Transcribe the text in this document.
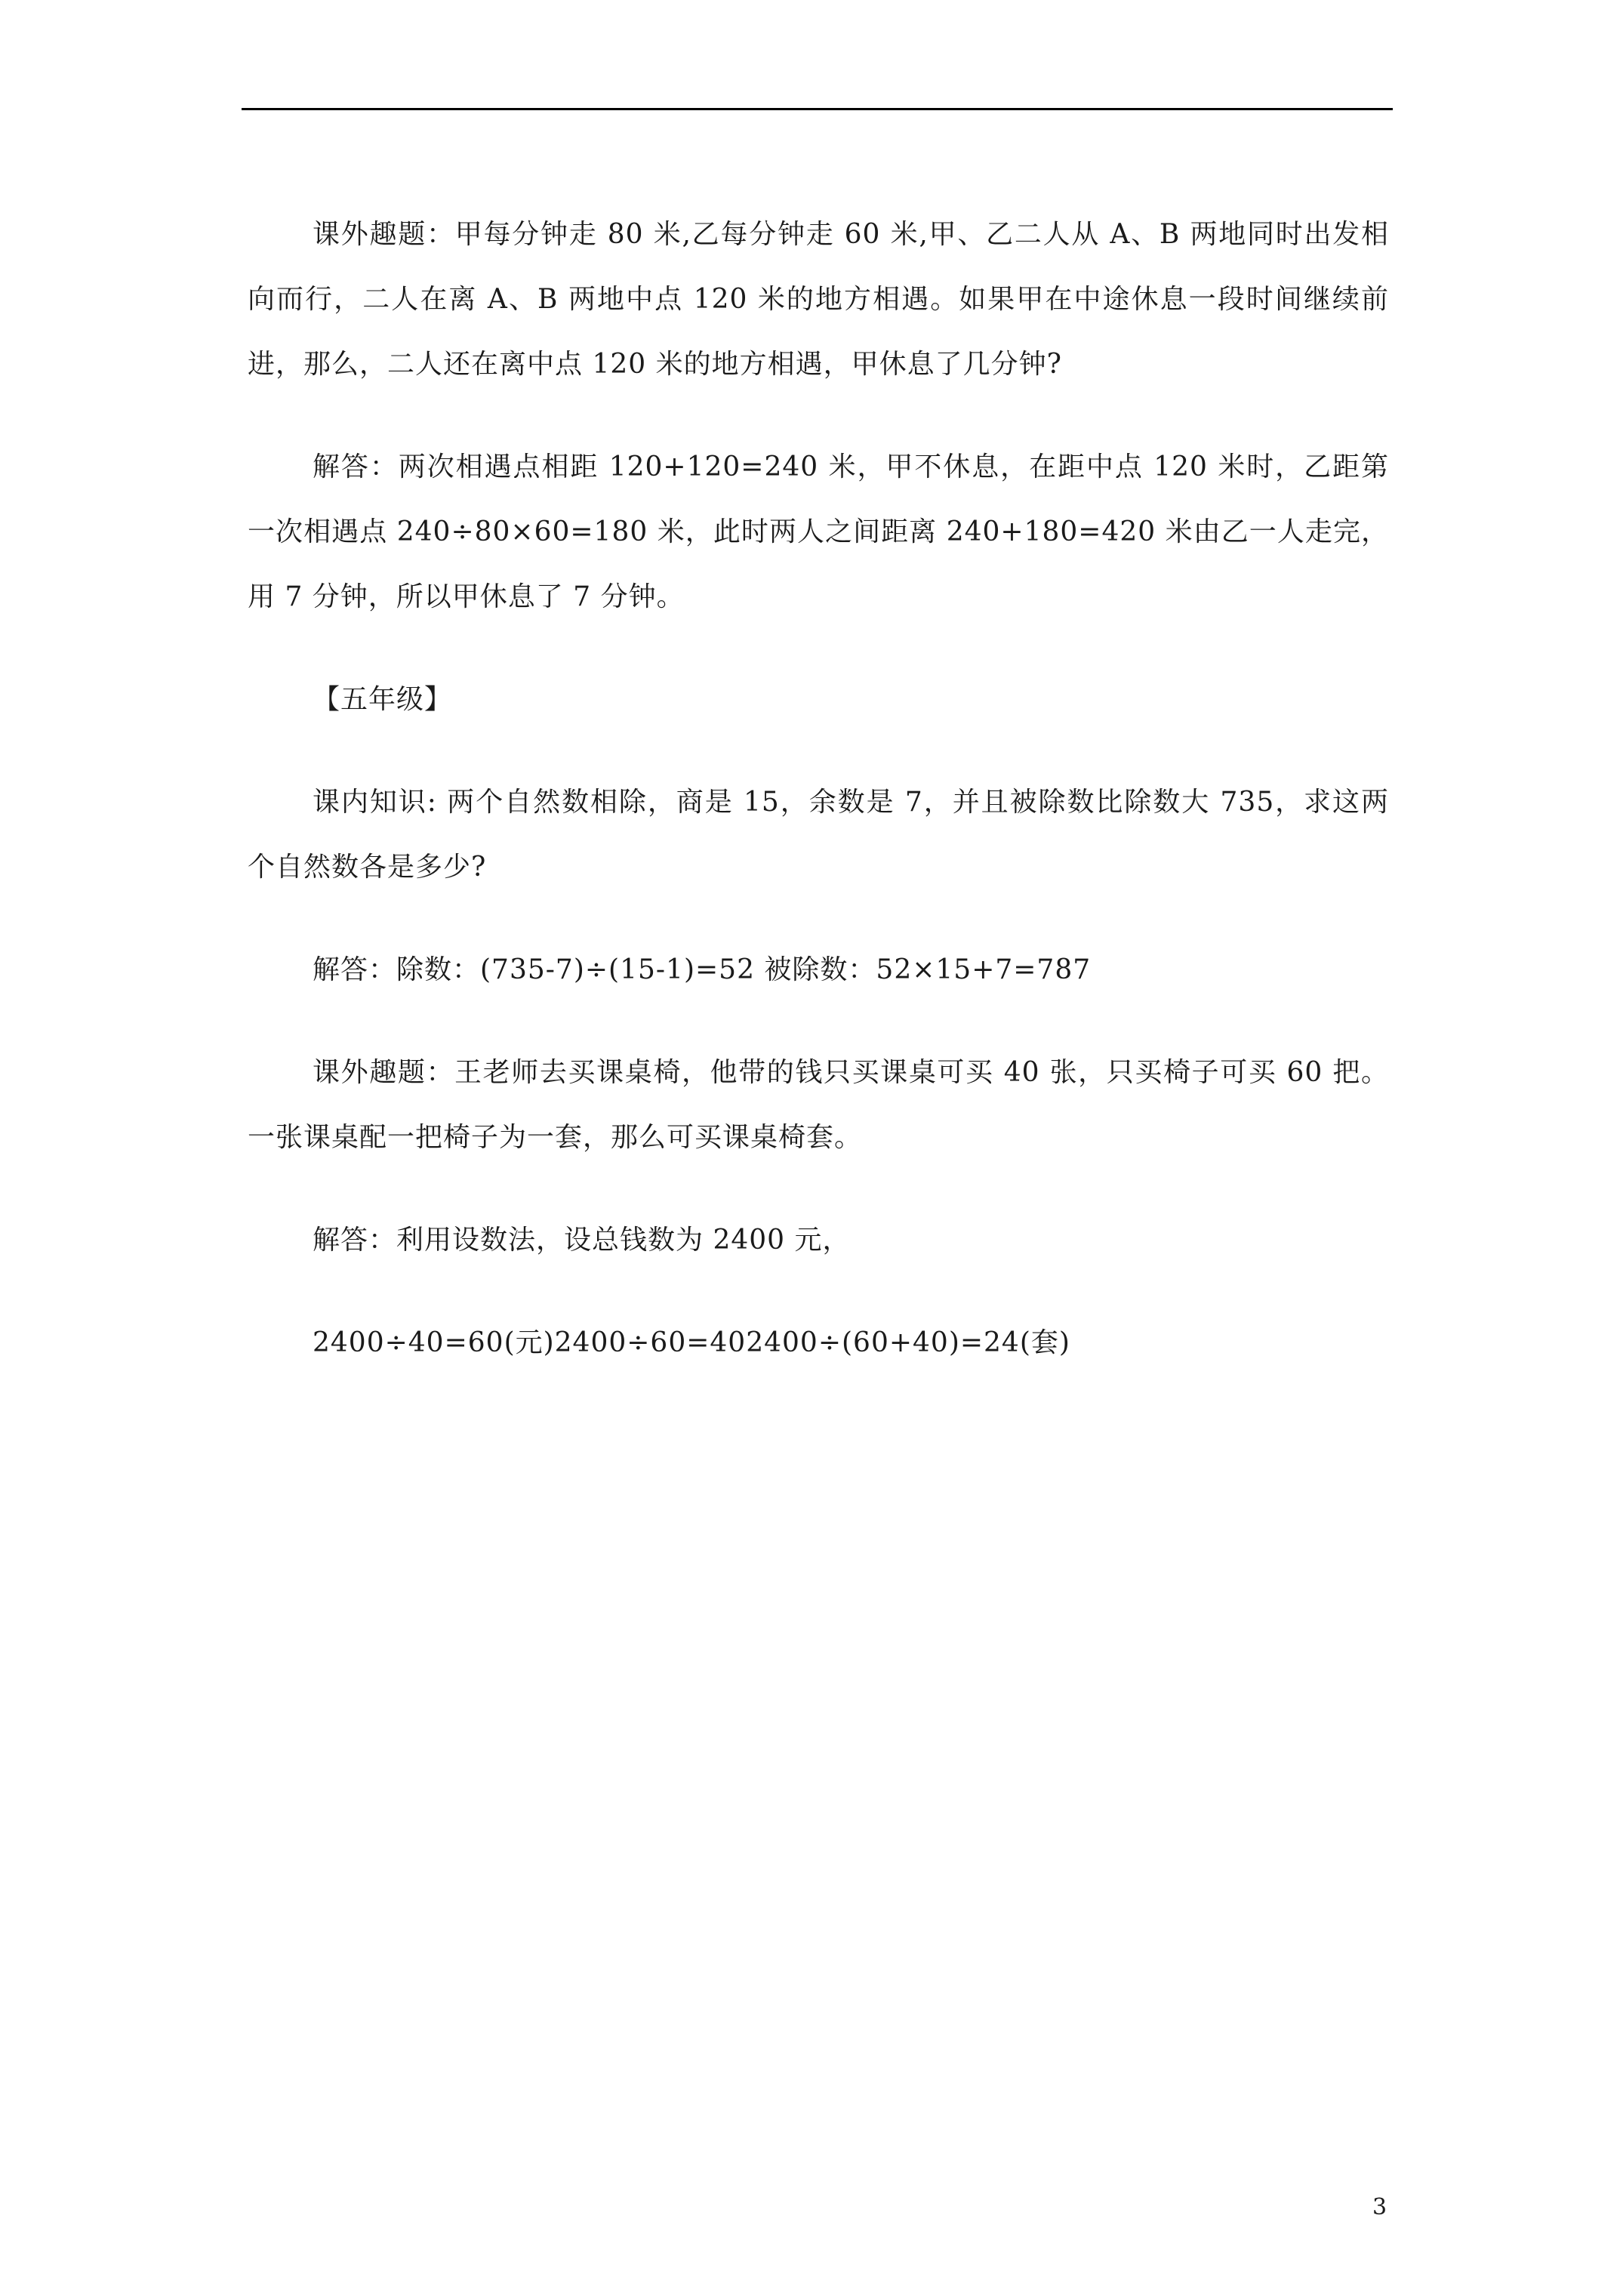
课外趣题：甲每分钟走 80 米,乙每分钟走 60 米,甲、乙二人从 A、B 两地同时出发相向而行，二人在离 A、B 两地中点 120 米的地方相遇。如果甲在中途休息一段时间继续前进，那么，二人还在离中点 120 米的地方相遇，甲休息了几分钟?

解答：两次相遇点相距 120+120=240 米，甲不休息，在距中点 120 米时，乙距第一次相遇点 240÷80×60=180 米，此时两人之间距离 240+180=420 米由乙一人走完，用 7 分钟，所以甲休息了 7 分钟。

【五年级】

课内知识: 两个自然数相除，商是 15，余数是 7，并且被除数比除数大 735，求这两个自然数各是多少?

解答：除数：(735-7)÷(15-1)=52 被除数：52×15+7=787

课外趣题：王老师去买课桌椅，他带的钱只买课桌可买 40 张，只买椅子可买 60 把。一张课桌配一把椅子为一套，那么可买课桌椅套。

解答：利用设数法，设总钱数为 2400 元，

2400÷40=60(元)2400÷60=402400÷(60+40)=24(套)

3
